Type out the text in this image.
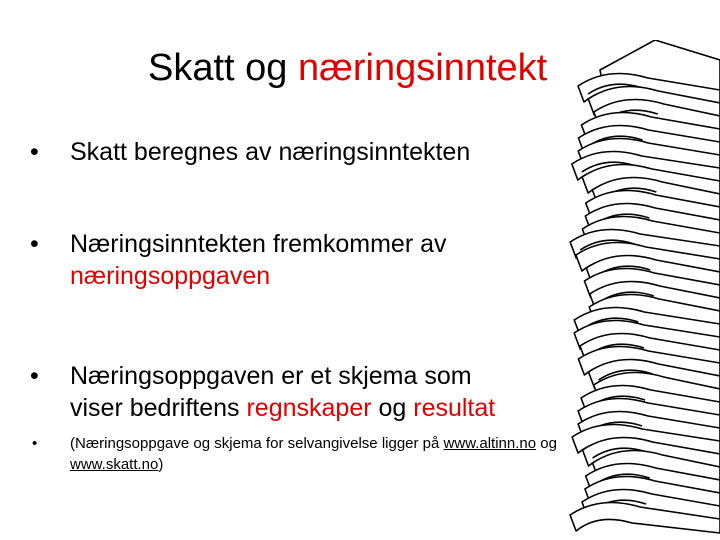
Skatt og næringsinntekt
• Skatt beregnes av næringsinntekten
• Næringsinntekten fremkommer av
næringsoppgaven
• Næringsoppgaven er et skjema som
viser bedriftens regnskaper og resultat
• (Næringsoppgave og skjema for selvangivelse ligger på www.altinn.no og
www.skatt.no)
